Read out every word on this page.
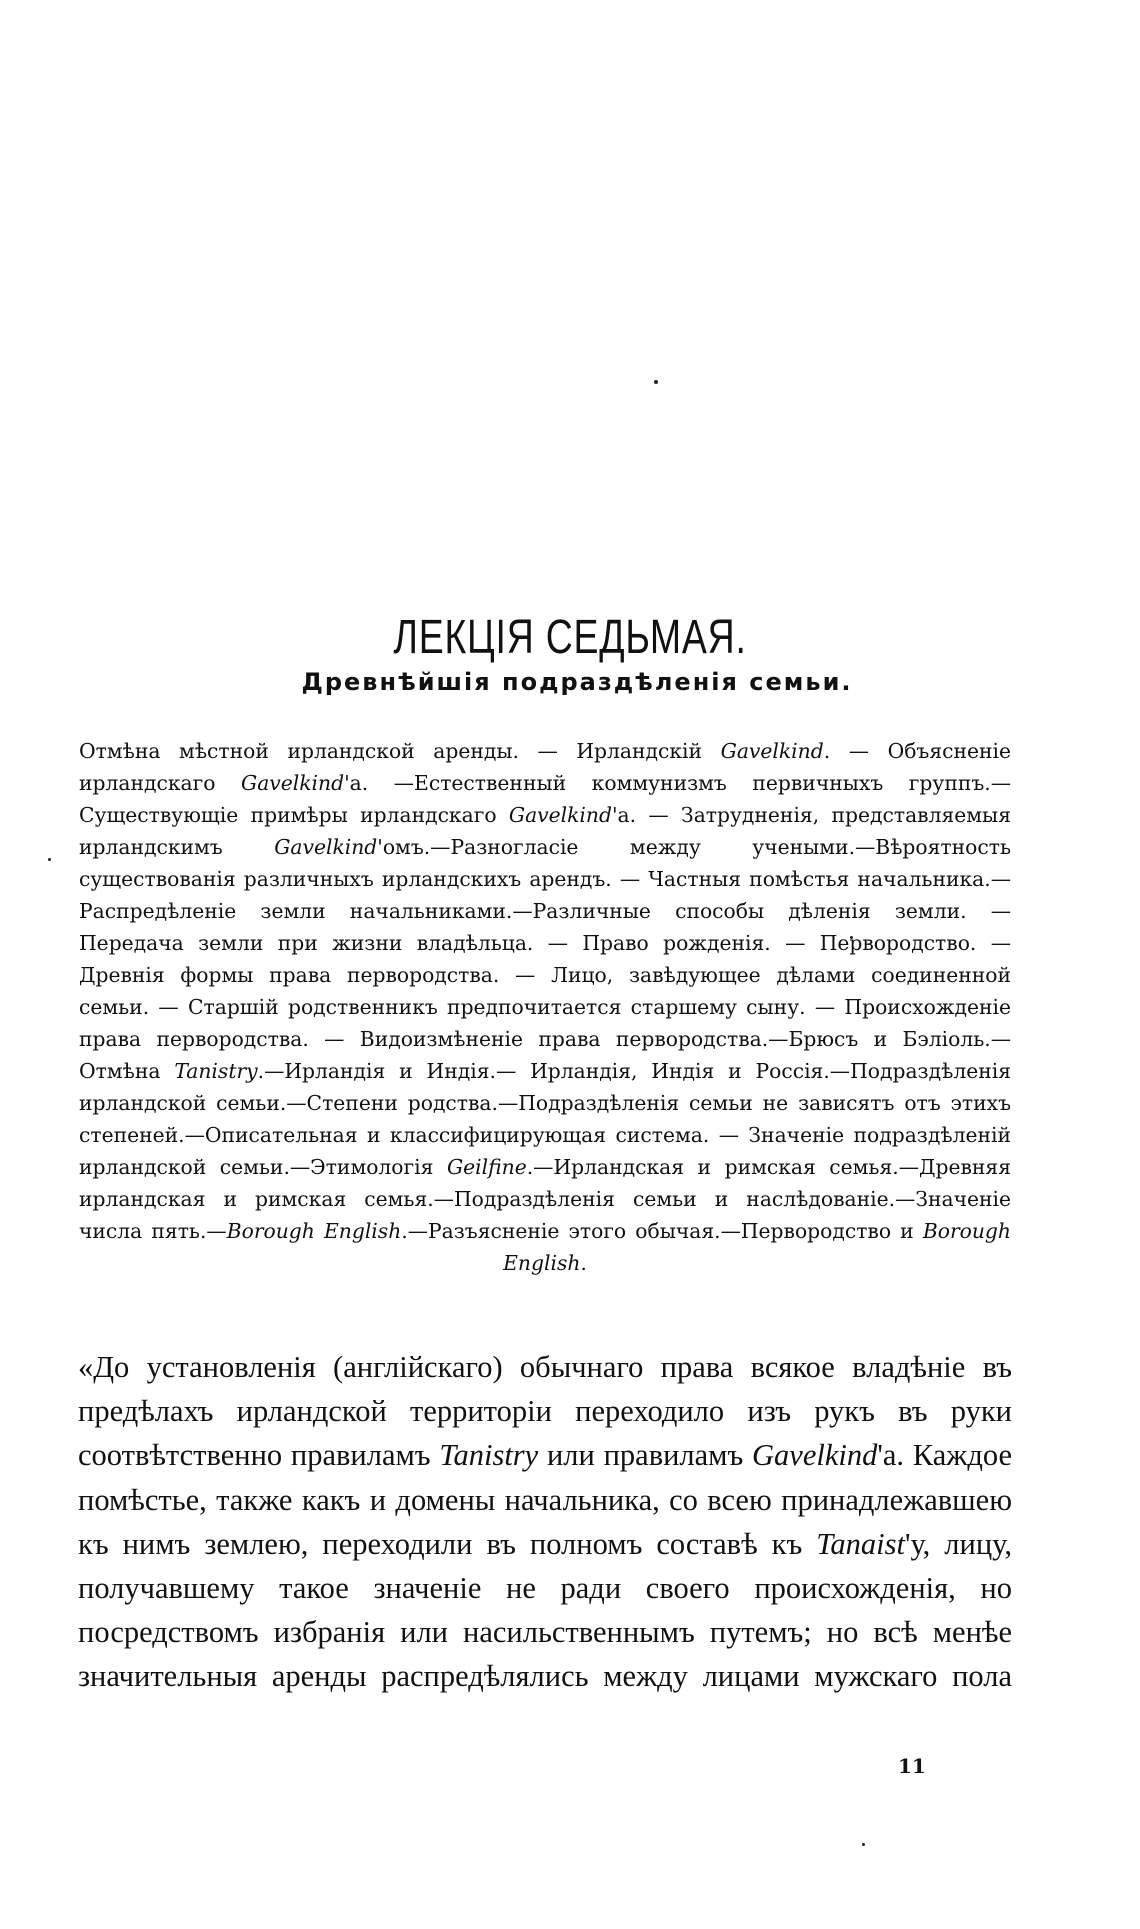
ЛЕКЦІЯ СЕДЬМАЯ.
Древнѣйшія подраздѣленія семьи.

Отмѣна мѣстной ирландской аренды. — Ирландскій Gavelkind. — Объясненіе ирландскаго Gavelkind'а. —Естественный коммунизмъ первичныхъ группъ.— Существующіе примѣры ирландскаго Gavelkind'а. — Затрудненія, представляемыя ирландскимъ Gavelkind'омъ.—Разногласіе между учеными.—Вѣроятность существованія различныхъ ирландскихъ арендъ. — Частныя помѣстья начальника.—Распредѣленіе земли начальниками.—Различные способы дѣленія земли. — Передача земли при жизни владѣльца. — Право рожденія. — Первородство. — Древнія формы права первородства. — Лицо, завѣдующее дѣлами соединенной семьи. — Старшій родственникъ предпочитается старшему сыну. — Происхожденіе права первородства. — Видоизмѣненіе права первородства.—Брюсъ и Бэліоль.—Отмѣна Tanistry.—Ирландія и Индія.— Ирландія, Индія и Россія.—Подраздѣленія ирландской семьи.—Степени родства.—Подраздѣленія семьи не зависятъ отъ этихъ степеней.—Описательная и классифицирующая система. — Значеніе подраздѣленій ирландской семьи.—Этимологія Geilfine.—Ирландская и римская семья.—Древняя ирландская и римская семья.—Подраздѣленія семьи и наслѣдованіе.—Значеніе числа пять.—Borough English.—Разъясненіе этого обычая.—Первородство и Borough English.

«До установленія (англійскаго) обычнаго права всякое владѣніе въ предѣлахъ ирландской территоріи переходило изъ рукъ въ руки соотвѣтственно правиламъ Tanistry или правиламъ Gavelkind'а. Каждое помѣстье, также какъ и домены начальника, со всею принадлежавшею къ нимъ землею, переходили въ полномъ составѣ къ Tanaist'у, лицу, получавшему такое значеніе не ради своего происхожденія, но посредствомъ избранія или насильственнымъ путемъ; но всѣ менѣе значительныя аренды распредѣлялись между лицами мужскаго пола

11
